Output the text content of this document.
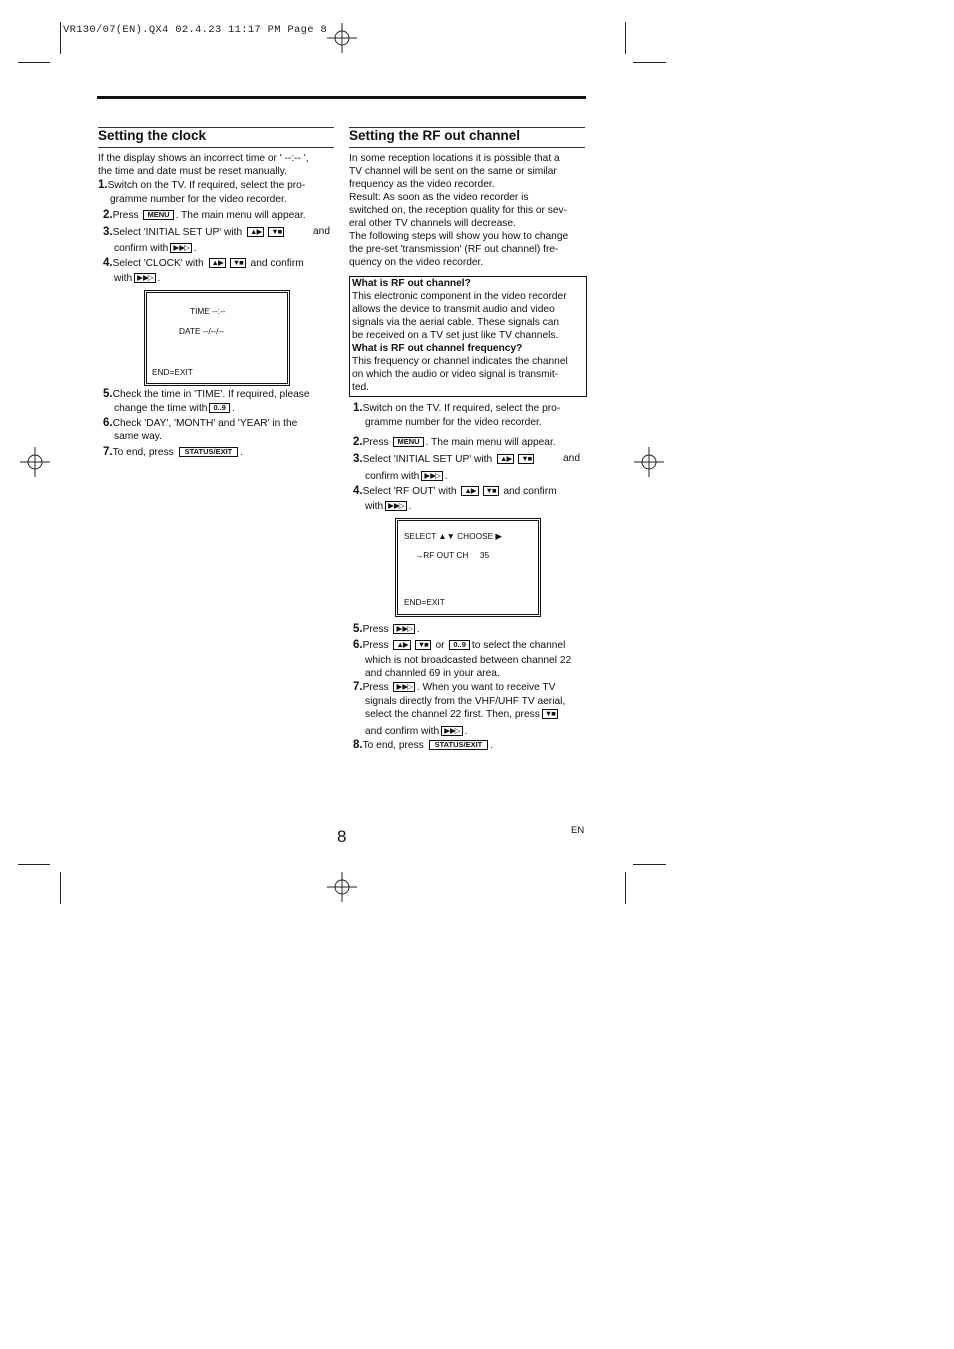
VR130/07(EN).QX4 02.4.23 11:17 PM Page 8
Setting the clock
If the display shows an incorrect time or ' --:-- ',
the time and date must be reset manually.
1.Switch on the TV. If required, select the pro-
gramme number for the video recorder.
2.Press MENU . The main menu will appear.
3.Select 'INITIAL SET UP' with ▲▶ ▼■	and
confirm with ▶ ▶▷ .
4.Select 'CLOCK' with ▲▶ ▼■ and confirm
with ▶ ▶▷ .
TIME --:--
DATE --/--/--
END=EXIT
5.Check the time in 'TIME'. If required, please
change the time with 0..9 .
6.Check 'DAY', 'MONTH' and 'YEAR' in the
same way.
7.To end, press STATUS/EXIT .
Setting the RF out channel
In some reception locations it is possible that a
TV channel will be sent on the same or similar
frequency as the video recorder.
Result: As soon as the video recorder is
switched on, the reception quality for this or sev-
eral other TV channels will decrease.
The following steps will show you how to change
the pre-set 'transmission' (RF out channel) fre-
quency on the video recorder.
What is RF out channel?
This electronic component in the video recorder
allows the device to transmit audio and video
signals via the aerial cable. These signals can
be received on a TV set just like TV channels.
What is RF out channel frequency?
This frequency or channel indicates the channel
on which the audio or video signal is transmit-
ted.
1.Switch on the TV. If required, select the pro-
gramme number for the video recorder.
2.Press MENU . The main menu will appear.
3.Select 'INITIAL SET UP' with ▲▶ ▼■	and
confirm with ▶ ▶▷ .
4.Select 'RF OUT' with ▲▶ ▼■ and confirm
with ▶ ▶▷ .
SELECT ▲▼ CHOOSE ▶
→RF OUT CH     35
END=EXIT
5.Press ▶ ▶▷ .
6.Press ▲▶ ▼■ or 0..9 to select the channel
which is not broadcasted between channel 22
and channled 69 in your area.
7.Press ▶ ▶▷ . When you want to receive TV
signals directly from the VHF/UHF TV aerial,
select the channel 22 first. Then, press ▼■
and confirm with ▶ ▶▷ .
8.To end, press STATUS/EXIT .
8	EN
